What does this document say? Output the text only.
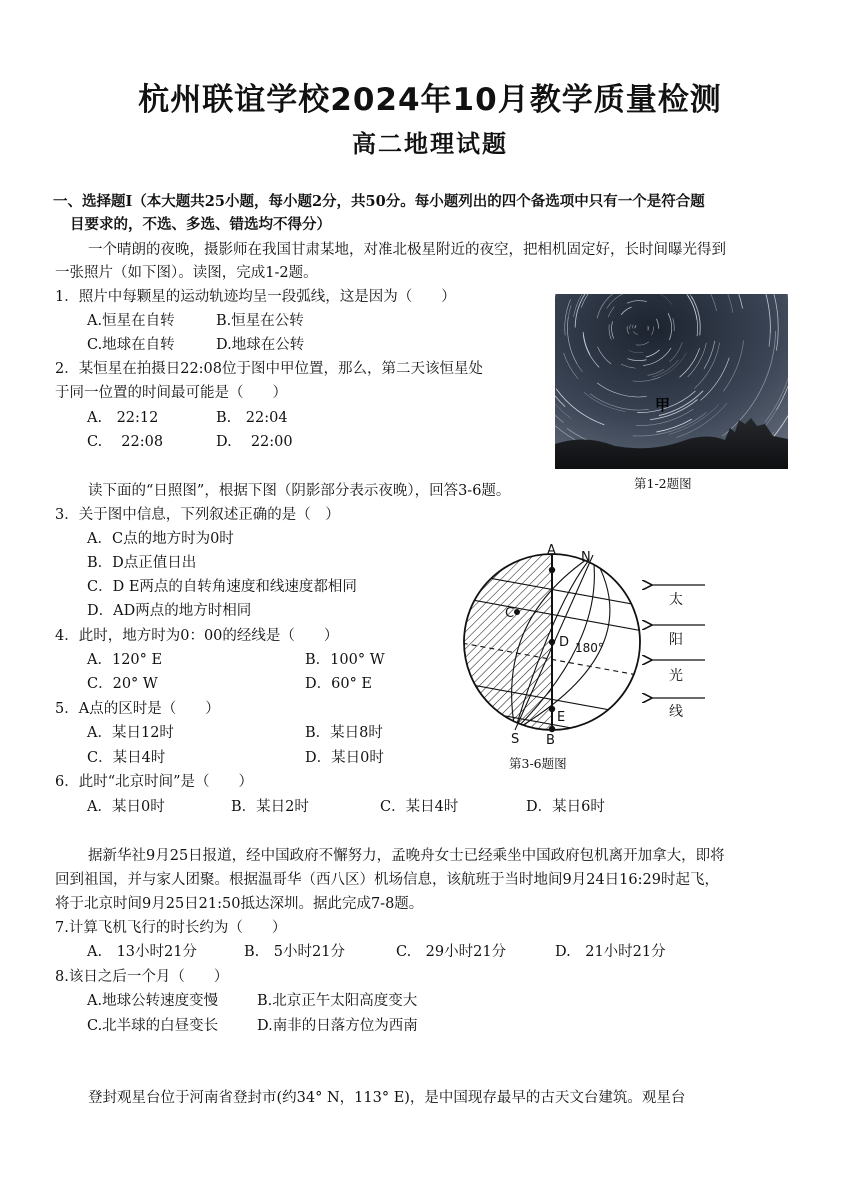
杭州联谊学校2024年10月教学质量检测
高二地理试题
一、选择题Ⅰ（本大题共25小题，每小题2分，共50分。每小题列出的四个备选项中只有一个是符合题
目要求的，不选、多选、错选均不得分）
一个晴朗的夜晚，摄影师在我国甘肃某地，对准北极星附近的夜空，把相机固定好，长时间曝光得到
一张照片（如下图）。读图，完成1-2题。
1．照片中每颗星的运动轨迹均呈一段弧线，这是因为（　　）
A.恒星在自转	B.恒星在公转
C.地球在自转	D.地球在公转
2．某恒星在拍摄日22:08位于图中甲位置，那么，第二天该恒星处
于同一位置的时间最可能是（　　）
A.　22:12	B.　22:04
C.　 22:08	D.　 22:00
甲
第1-2题图
读下面的“日照图”，根据下图（阴影部分表示夜晚），回答3-6题。
3．关于图中信息，下列叙述正确的是（　）
A．C点的地方时为0时
B．D点正值日出
C．D E两点的自转角速度和线速度都相同
D．AD两点的地方时相同
4．此时，地方时为0：00的经线是（　　）
A．120° E	B．100° W
C．20° W	D．60° E
5．A点的区时是（　　）
A．某日12时	B．某日8时
C．某日4时	D．某日0时
A N
C
D 180°
E
S B
太
阳
光
线
第3-6题图
6．此时“北京时间”是（　　）
A．某日0时	B．某日2时	C．某日4时	D．某日6时
据新华社9月25日报道，经中国政府不懈努力，孟晚舟女士已经乘坐中国政府包机离开加拿大，即将
回到祖国，并与家人团聚。根据温哥华（西八区）机场信息，该航班于当时地间9月24日16:29时起飞，
将于北京时间9月25日21:50抵达深圳。据此完成7-8题。
7.计算飞机飞行的时长约为（　　）
A.　13小时21分	B.　5小时21分	C.　29小时21分	D.　21小时21分
8.该日之后一个月（　　）
A.地球公转速度变慢	B.北京正午太阳高度变大
C.北半球的白昼变长	D.南非的日落方位为西南
登封观星台位于河南省登封市(约34° N，113° E)，是中国现存最早的古天文台建筑。观星台
